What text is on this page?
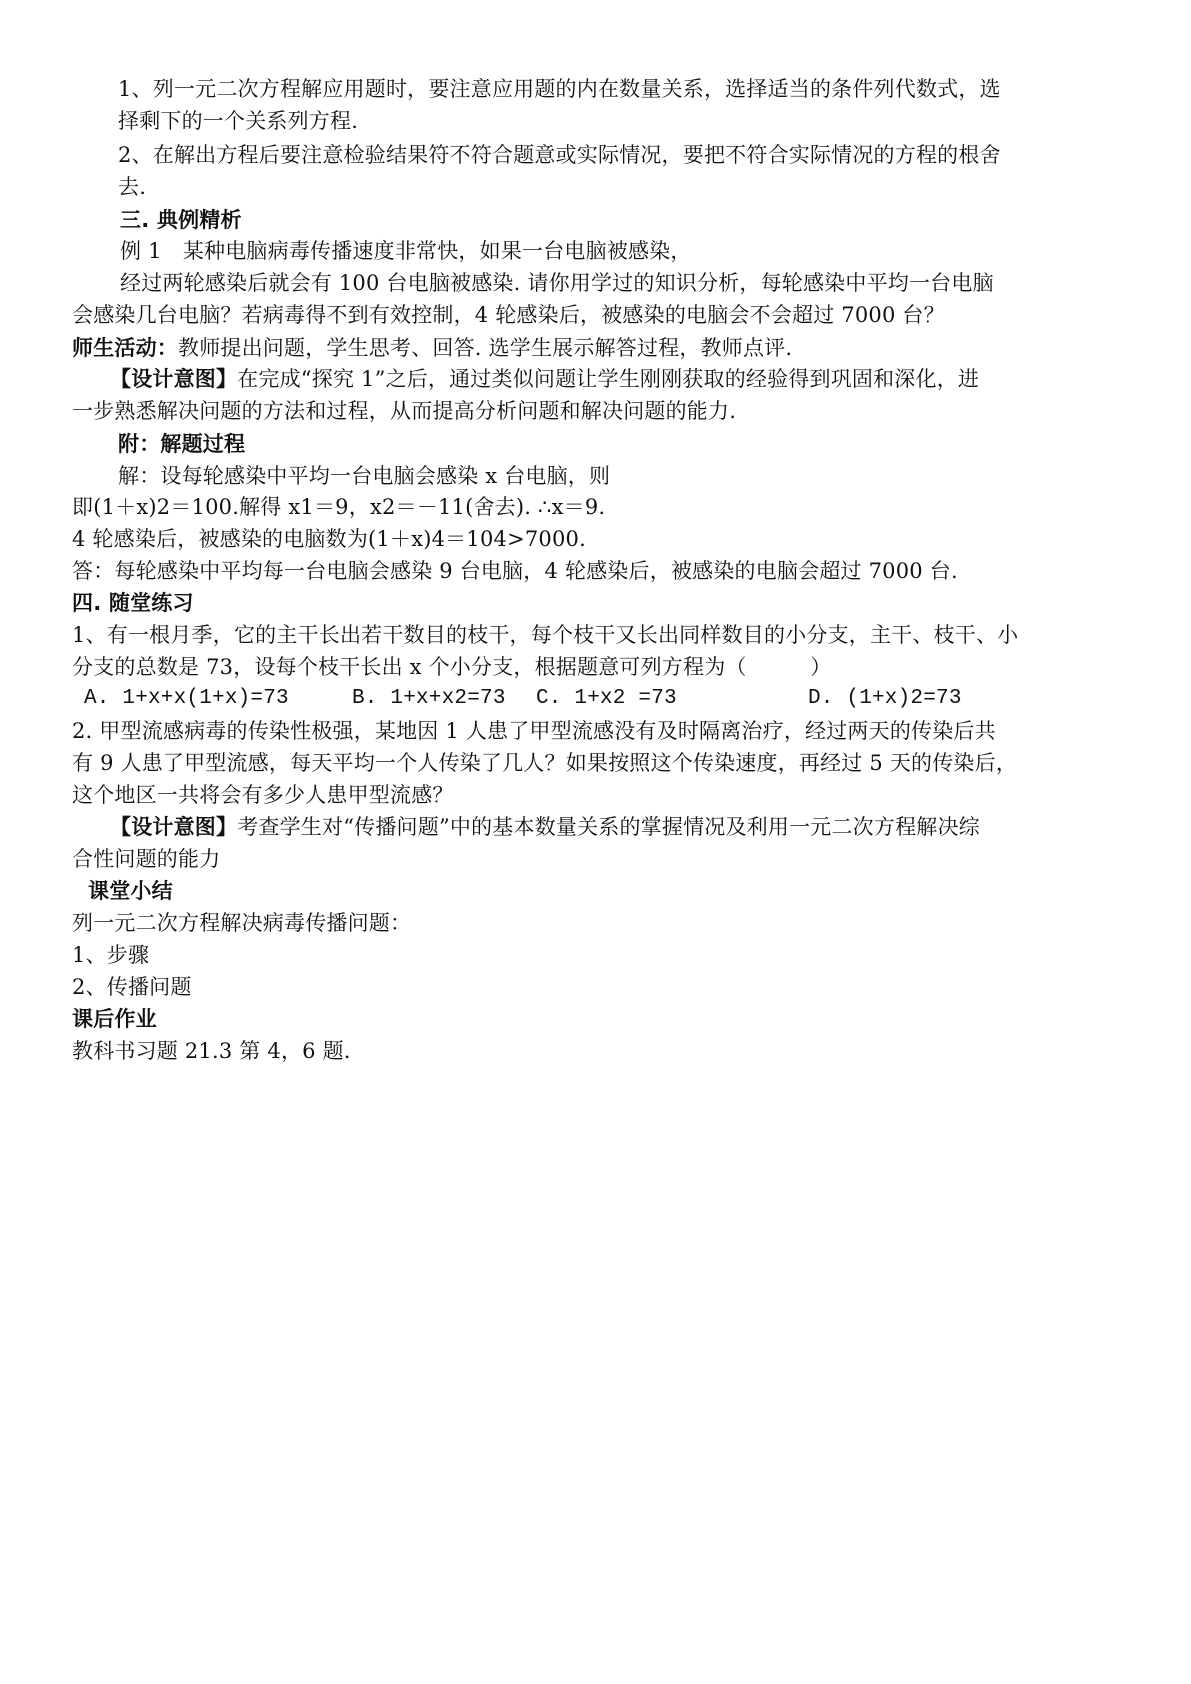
1、列一元二次方程解应用题时，要注意应用题的内在数量关系，选择适当的条件列代数式，选
择剩下的一个关系列方程.
2、在解出方程后要注意检验结果符不符合题意或实际情况，要把不符合实际情况的方程的根舍
去.
三. 典例精析
例 1　某种电脑病毒传播速度非常快，如果一台电脑被感染，
经过两轮感染后就会有 100 台电脑被感染. 请你用学过的知识分析，每轮感染中平均一台电脑
会感染几台电脑？若病毒得不到有效控制，4 轮感染后，被感染的电脑会不会超过 7000 台？
师生活动：教师提出问题，学生思考、回答. 选学生展示解答过程，教师点评.
【设计意图】在完成“探究 1”之后，通过类似问题让学生刚刚获取的经验得到巩固和深化，进
一步熟悉解决问题的方法和过程，从而提高分析问题和解决问题的能力.
附：解题过程
解：设每轮感染中平均一台电脑会感染 x 台电脑，则
即(1＋x)2＝100.解得 x1＝9，x2＝－11(舍去). ∴x＝9.
4 轮感染后，被感染的电脑数为(1＋x)4＝104>7000.
答：每轮感染中平均每一台电脑会感染 9 台电脑，4 轮感染后，被感染的电脑会超过 7000 台.
四. 随堂练习
1、有一根月季，它的主干长出若干数目的枝干，每个枝干又长出同样数目的小分支，主干、枝干、小
分支的总数是 73，设每个枝干长出 x 个小分支，根据题意可列方程为（　　　）
A. 1+x+x(1+x)=73	B. 1+x+x2=73 C. 1+x2 =73	D. (1+x)2=73
2. 甲型流感病毒的传染性极强，某地因 1 人患了甲型流感没有及时隔离治疗，经过两天的传染后共
有 9 人患了甲型流感，每天平均一个人传染了几人？如果按照这个传染速度，再经过 5 天的传染后，
这个地区一共将会有多少人患甲型流感？
【设计意图】考查学生对“传播问题”中的基本数量关系的掌握情况及利用一元二次方程解决综
合性问题的能力
课堂小结
列一元二次方程解决病毒传播问题：
1、步骤
2、传播问题
课后作业
教科书习题 21.3 第 4，6 题.
